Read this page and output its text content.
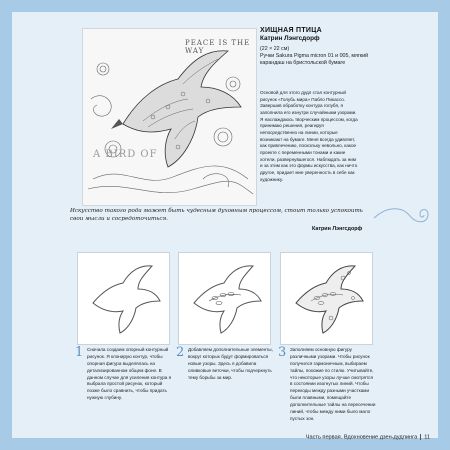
PEACE IS THE WAY
A BIRD OF
ХИЩНАЯ ПТИЦА
Катрин Лэнгсдорф
(22 × 22 см)
Ручки Sakura Pigma micron 01 и 005, мягкий карандаш на бристольской бумаге

Основой для этого дудл стал контурный рисунок «Голубь мира» Пабло Пикассо. Завершив обработку контура голубя, я заполнила его изнутри случайными узорами. Я наслаждаюсь творческим процессом, когда принимаю решения, реагируя непосредственно на линии, которые возникают на бумаге. Меня всегда удивляет, как привлечению, поскольку невольно, какое проекте с переменными тонами и какие хотели, развернувшегося. Наблюдать за ним и за этим как это формы искусства, как ничто другое, придает мне уверенность в себе как художнику.

Искусство такого рода может быть чудесным духовным процессом, стоит только успокоить свои мысли и сосредоточиться.
Катрин Лэнгсдорф
1 Сначала создаем опорный контурный рисунок. Я клонирую контур, чтобы опорная фигура выделялась на детализированном общем фоне. В данном случае для усиления контура я выбрала простой рисунок, который позже было сравнить, чтобы придать нужную глубину.
2 Добавляем дополнительные элементы, вокруг которых будут формироваться новые узоры. Здесь я добавила оливковые веточки, чтобы подчеркнуть тему борьбы за мир.
3 Заполняем основную фигуру различными узорами. Чтобы рисунок получился гармоничным, выбираем тайлы, похожие по стилю. Учитывайте, что некоторые узоры лучше смотрятся в состоянии изогнутых линий. Чтобы переходы между разными участками были плавными, помещайте дополнительные тайлы на пересечении линий, чтобы между ними было мало пустых зон.
Часть первая. Вдохновение дзен-дудлинга 11
